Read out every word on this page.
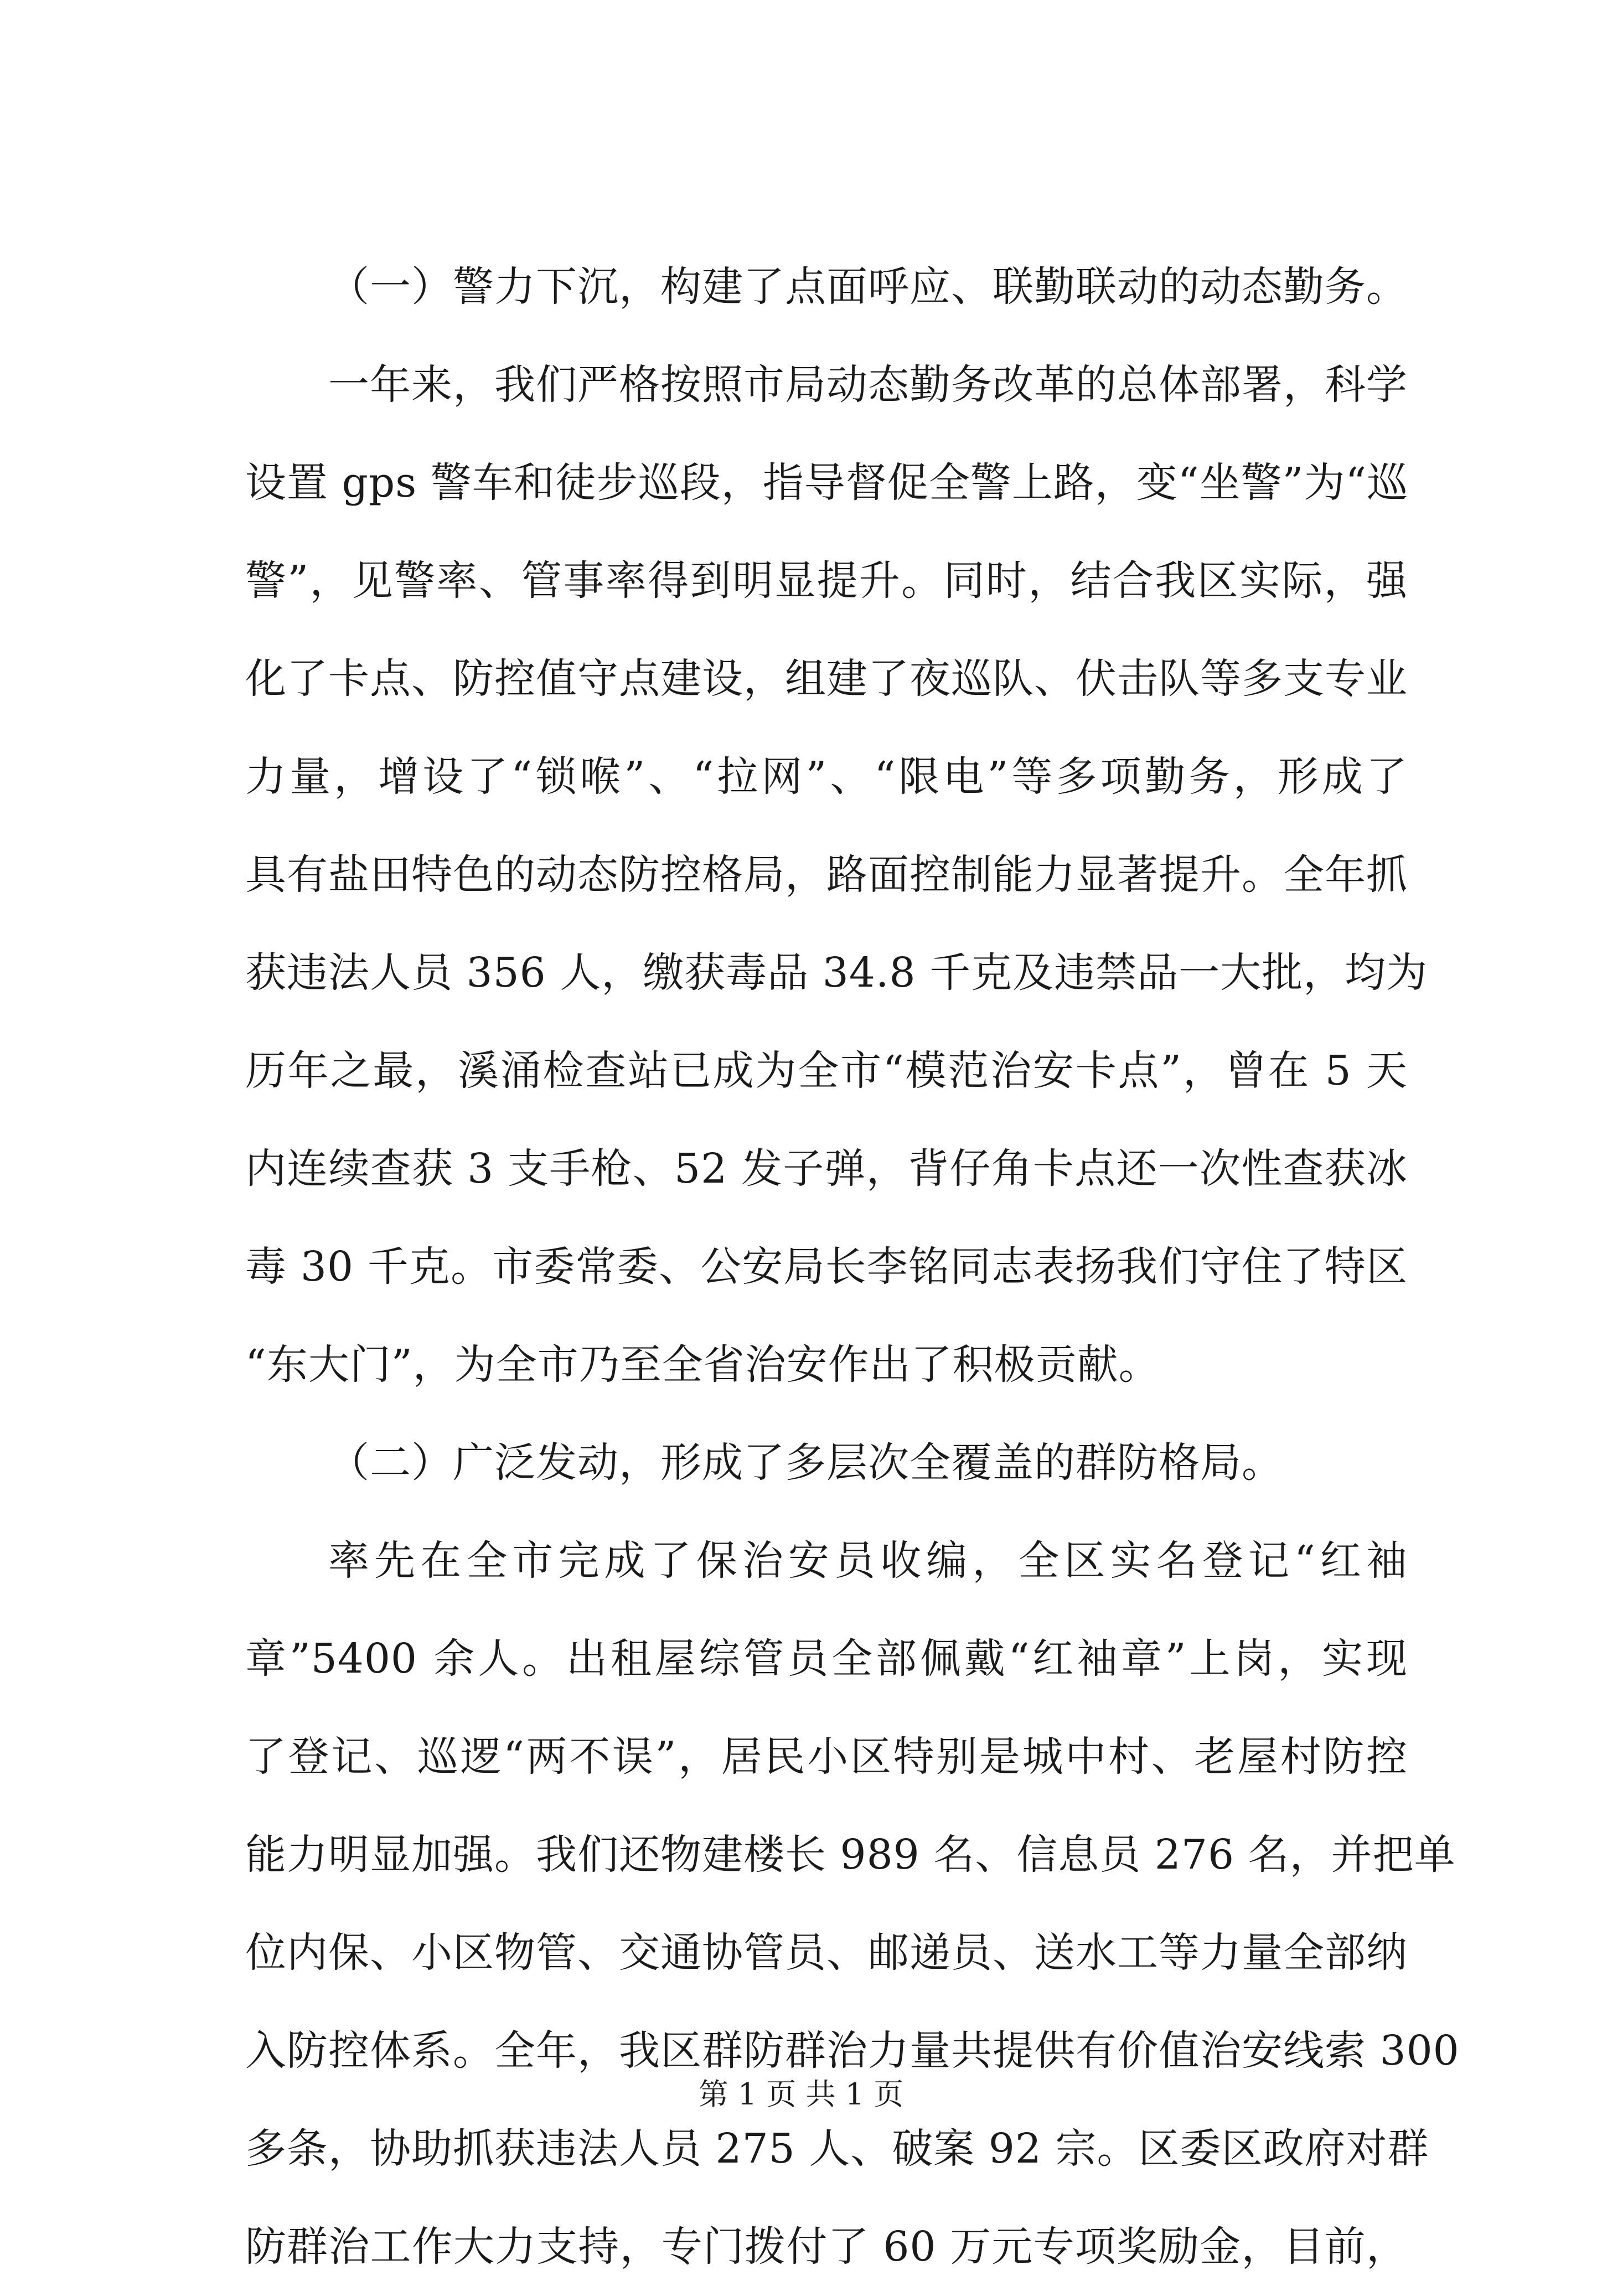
（一）警力下沉，构建了点面呼应、联勤联动的动态勤务。
一年来，我们严格按照市局动态勤务改革的总体部署，科学
设置 gps 警车和徒步巡段，指导督促全警上路，变“坐警”为“巡
警”，见警率、管事率得到明显提升。同时，结合我区实际，强
化了卡点、防控值守点建设，组建了夜巡队、伏击队等多支专业
力量，增设了“锁喉”、“拉网”、“限电”等多项勤务，形成了
具有盐田特色的动态防控格局，路面控制能力显著提升。全年抓
获违法人员 356 人，缴获毒品 34.8 千克及违禁品一大批，均为
历年之最，溪涌检查站已成为全市“模范治安卡点”，曾在 5 天
内连续查获 3 支手枪、52 发子弹，背仔角卡点还一次性查获冰
毒 30 千克。市委常委、公安局长李铭同志表扬我们守住了特区
“东大门”，为全市乃至全省治安作出了积极贡献。
（二）广泛发动，形成了多层次全覆盖的群防格局。
率先在全市完成了保治安员收编，全区实名登记“红袖
章”5400 余人。出租屋综管员全部佩戴“红袖章”上岗，实现
了登记、巡逻“两不误”，居民小区特别是城中村、老屋村防控
能力明显加强。我们还物建楼长 989 名、信息员 276 名，并把单
位内保、小区物管、交通协管员、邮递员、送水工等力量全部纳
入防控体系。全年，我区群防群治力量共提供有价值治安线索 300
多条，协助抓获违法人员 275 人、破案 92 宗。区委区政府对群
防群治工作大力支持，专门拨付了 60 万元专项奖励金，目前，
第 1 页 共 1 页
